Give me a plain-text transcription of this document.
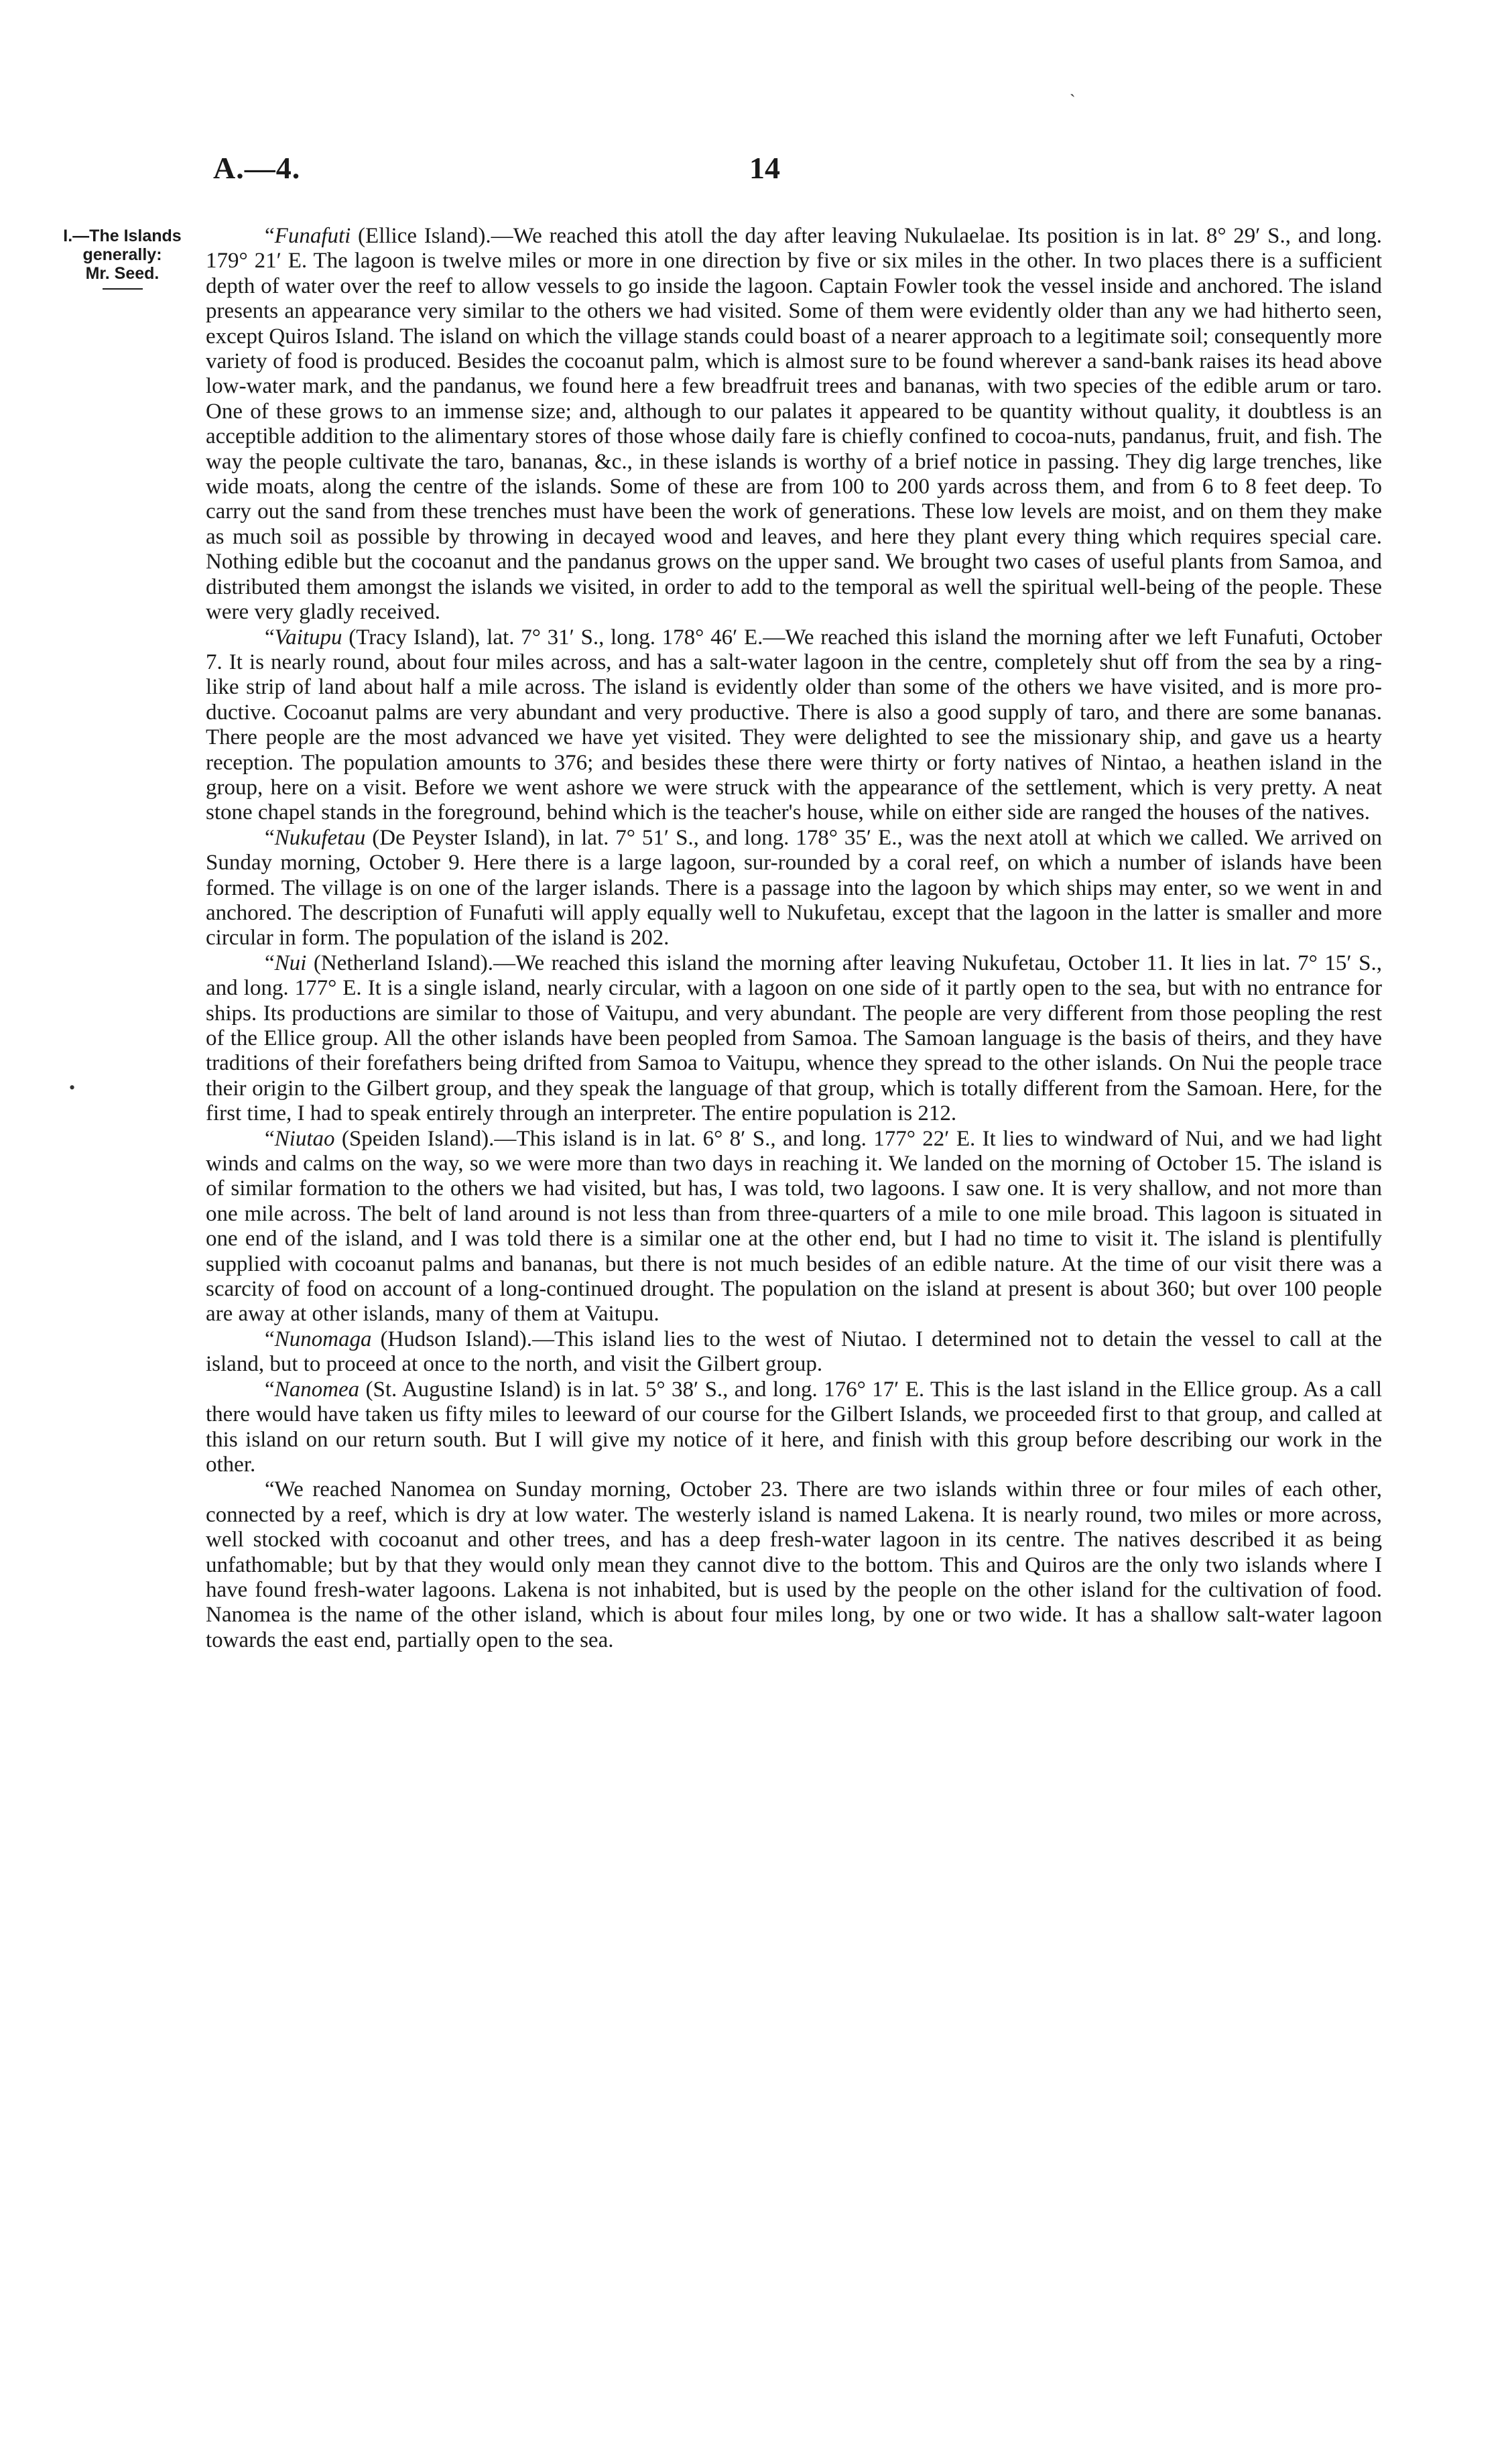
A.—4.	14
I.—The Islands
generally:
Mr. Seed.
ˏ
•

“Funafuti (Ellice Island).—We reached this atoll the day after leaving Nukulaelae. Its position is in lat. 8° 29′ S., and long. 179° 21′ E. The lagoon is twelve miles or more in one direction by five or six miles in the other. In two places there is a sufficient depth of water over the reef to allow vessels to go inside the lagoon. Captain Fowler took the vessel inside and anchored. The island presents an appearance very similar to the others we had visited. Some of them were evidently older than any we had hitherto seen, except Quiros Island. The island on which the village stands could boast of a nearer approach to a legitimate soil; consequently more variety of food is produced. Besides the cocoanut palm, which is almost sure to be found wherever a sand-bank raises its head above low-water mark, and the pandanus, we found here a few breadfruit trees and bananas, with two species of the edible arum or taro. One of these grows to an immense size; and, although to our palates it appeared to be quantity without quality, it doubtless is an acceptible addition to the alimentary stores of those whose daily fare is chiefly confined to cocoa-nuts, pandanus, fruit, and fish. The way the people cultivate the taro, bananas, &c., in these islands is worthy of a brief notice in passing. They dig large trenches, like wide moats, along the centre of the islands. Some of these are from 100 to 200 yards across them, and from 6 to 8 feet deep. To carry out the sand from these trenches must have been the work of generations. These low levels are moist, and on them they make as much soil as possible by throwing in decayed wood and leaves, and here they plant every thing which requires special care. Nothing edible but the cocoanut and the pandanus grows on the upper sand. We brought two cases of useful plants from Samoa, and distributed them amongst the islands we visited, in order to add to the temporal as well the spiritual well-being of the people. These were very gladly received.

“Vaitupu (Tracy Island), lat. 7° 31′ S., long. 178° 46′ E.—We reached this island the morning after we left Funafuti, October 7. It is nearly round, about four miles across, and has a salt-water lagoon in the centre, completely shut off from the sea by a ring-like strip of land about half a mile across. The island is evidently older than some of the others we have visited, and is more pro-ductive. Cocoanut palms are very abundant and very productive. There is also a good supply of taro, and there are some bananas. There people are the most advanced we have yet visited. They were delighted to see the missionary ship, and gave us a hearty reception. The population amounts to 376; and besides these there were thirty or forty natives of Nintao, a heathen island in the group, here on a visit. Before we went ashore we were struck with the appearance of the settlement, which is very pretty. A neat stone chapel stands in the foreground, behind which is the teacher's house, while on either side are ranged the houses of the natives.

“Nukufetau (De Peyster Island), in lat. 7° 51′ S., and long. 178° 35′ E., was the next atoll at which we called. We arrived on Sunday morning, October 9. Here there is a large lagoon, sur-rounded by a coral reef, on which a number of islands have been formed. The village is on one of the larger islands. There is a passage into the lagoon by which ships may enter, so we went in and anchored. The description of Funafuti will apply equally well to Nukufetau, except that the lagoon in the latter is smaller and more circular in form. The population of the island is 202.

“Nui (Netherland Island).—We reached this island the morning after leaving Nukufetau, October 11. It lies in lat. 7° 15′ S., and long. 177° E. It is a single island, nearly circular, with a lagoon on one side of it partly open to the sea, but with no entrance for ships. Its productions are similar to those of Vaitupu, and very abundant. The people are very different from those peopling the rest of the Ellice group. All the other islands have been peopled from Samoa. The Samoan language is the basis of theirs, and they have traditions of their forefathers being drifted from Samoa to Vaitupu, whence they spread to the other islands. On Nui the people trace their origin to the Gilbert group, and they speak the language of that group, which is totally different from the Samoan. Here, for the first time, I had to speak entirely through an interpreter. The entire population is 212.

“Niutao (Speiden Island).—This island is in lat. 6° 8′ S., and long. 177° 22′ E. It lies to windward of Nui, and we had light winds and calms on the way, so we were more than two days in reaching it. We landed on the morning of October 15. The island is of similar formation to the others we had visited, but has, I was told, two lagoons. I saw one. It is very shallow, and not more than one mile across. The belt of land around is not less than from three-quarters of a mile to one mile broad. This lagoon is situated in one end of the island, and I was told there is a similar one at the other end, but I had no time to visit it. The island is plentifully supplied with cocoanut palms and bananas, but there is not much besides of an edible nature. At the time of our visit there was a scarcity of food on account of a long-continued drought. The population on the island at present is about 360; but over 100 people are away at other islands, many of them at Vaitupu.

“Nunomaga (Hudson Island).—This island lies to the west of Niutao. I determined not to detain the vessel to call at the island, but to proceed at once to the north, and visit the Gilbert group.

“Nanomea (St. Augustine Island) is in lat. 5° 38′ S., and long. 176° 17′ E. This is the last island in the Ellice group. As a call there would have taken us fifty miles to leeward of our course for the Gilbert Islands, we proceeded first to that group, and called at this island on our return south. But I will give my notice of it here, and finish with this group before describing our work in the other.

“We reached Nanomea on Sunday morning, October 23. There are two islands within three or four miles of each other, connected by a reef, which is dry at low water. The westerly island is named Lakena. It is nearly round, two miles or more across, well stocked with cocoanut and other trees, and has a deep fresh-water lagoon in its centre. The natives described it as being unfathomable; but by that they would only mean they cannot dive to the bottom. This and Quiros are the only two islands where I have found fresh-water lagoons. Lakena is not inhabited, but is used by the people on the other island for the cultivation of food. Nanomea is the name of the other island, which is about four miles long, by one or two wide. It has a shallow salt-water lagoon towards the east end, partially open to the sea.
